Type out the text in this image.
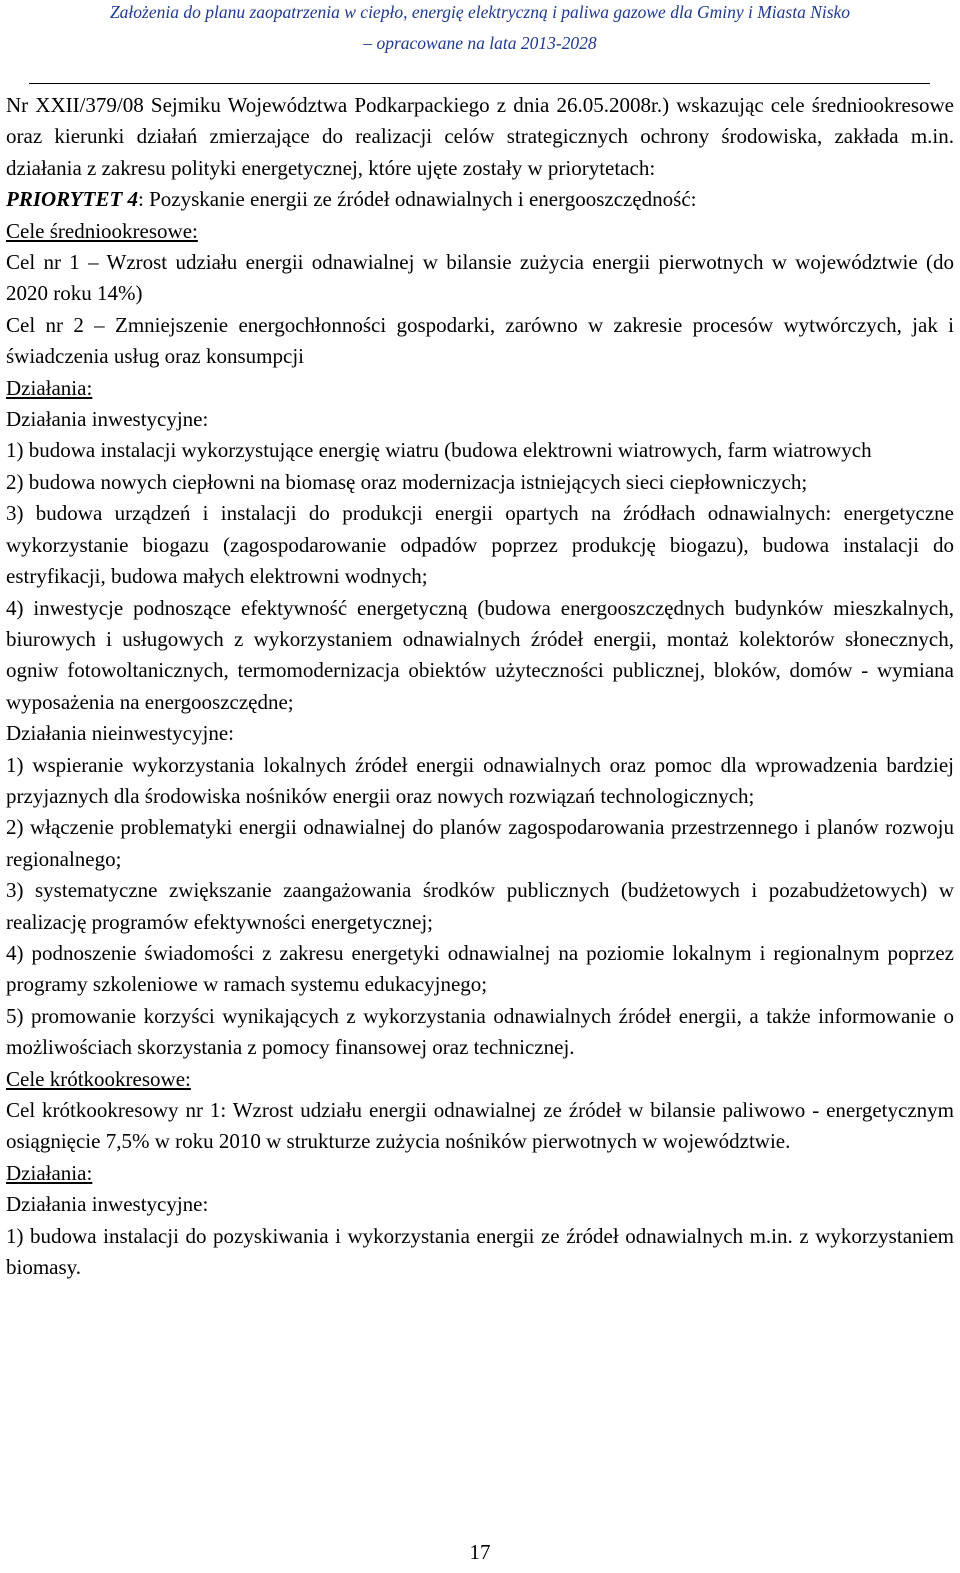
Założenia do planu zaopatrzenia w ciepło, energię elektryczną i paliwa gazowe dla Gminy i Miasta Nisko
– opracowane na lata 2013-2028

Nr XXII/379/08 Sejmiku Województwa Podkarpackiego z dnia 26.05.2008r.) wskazując cele średniookresowe oraz kierunki działań zmierzające do realizacji celów strategicznych ochrony środowiska, zakłada m.in. działania z zakresu polityki energetycznej, które ujęte zostały w priorytetach:

PRIORYTET 4: Pozyskanie energii ze źródeł odnawialnych i energooszczędność:

Cele średniookresowe:

Cel nr 1 – Wzrost udziału energii odnawialnej w bilansie zużycia energii pierwotnych w województwie (do 2020 roku 14%)

Cel nr 2 – Zmniejszenie energochłonności gospodarki, zarówno w zakresie procesów wytwórczych, jak i świadczenia usług oraz konsumpcji

Działania:

Działania inwestycyjne:

1) budowa instalacji wykorzystujące energię wiatru (budowa elektrowni wiatrowych, farm wiatrowych

2) budowa nowych ciepłowni na biomasę oraz modernizacja istniejących sieci ciepłowniczych;

3) budowa urządzeń i instalacji do produkcji energii opartych na źródłach odnawialnych: energetyczne wykorzystanie biogazu (zagospodarowanie odpadów poprzez produkcję biogazu), budowa instalacji do estryfikacji, budowa małych elektrowni wodnych;

4) inwestycje podnoszące efektywność energetyczną (budowa energooszczędnych budynków mieszkalnych, biurowych i usługowych z wykorzystaniem odnawialnych źródeł energii, montaż kolektorów słonecznych, ogniw fotowoltanicznych, termomodernizacja obiektów użyteczności publicznej, bloków, domów - wymiana wyposażenia na energooszczędne;

Działania nieinwestycyjne:

1) wspieranie wykorzystania lokalnych źródeł energii odnawialnych oraz pomoc dla wprowadzenia bardziej przyjaznych dla środowiska nośników energii oraz nowych rozwiązań technologicznych;

2) włączenie problematyki energii odnawialnej do planów zagospodarowania przestrzennego i planów rozwoju regionalnego;

3) systematyczne zwiększanie zaangażowania środków publicznych (budżetowych i pozabudżetowych) w realizację programów efektywności energetycznej;

4) podnoszenie świadomości z zakresu energetyki odnawialnej na poziomie lokalnym i regionalnym poprzez programy szkoleniowe w ramach systemu edukacyjnego;

5) promowanie korzyści wynikających z wykorzystania odnawialnych źródeł energii, a także informowanie o możliwościach skorzystania z pomocy finansowej oraz technicznej.

Cele krótkookresowe:

Cel krótkookresowy nr 1: Wzrost udziału energii odnawialnej ze źródeł w bilansie paliwowo - energetycznym osiągnięcie 7,5% w roku 2010 w strukturze zużycia nośników pierwotnych w województwie.

Działania:

Działania inwestycyjne:

1) budowa instalacji do pozyskiwania i wykorzystania energii ze źródeł odnawialnych m.in. z wykorzystaniem biomasy.

17
